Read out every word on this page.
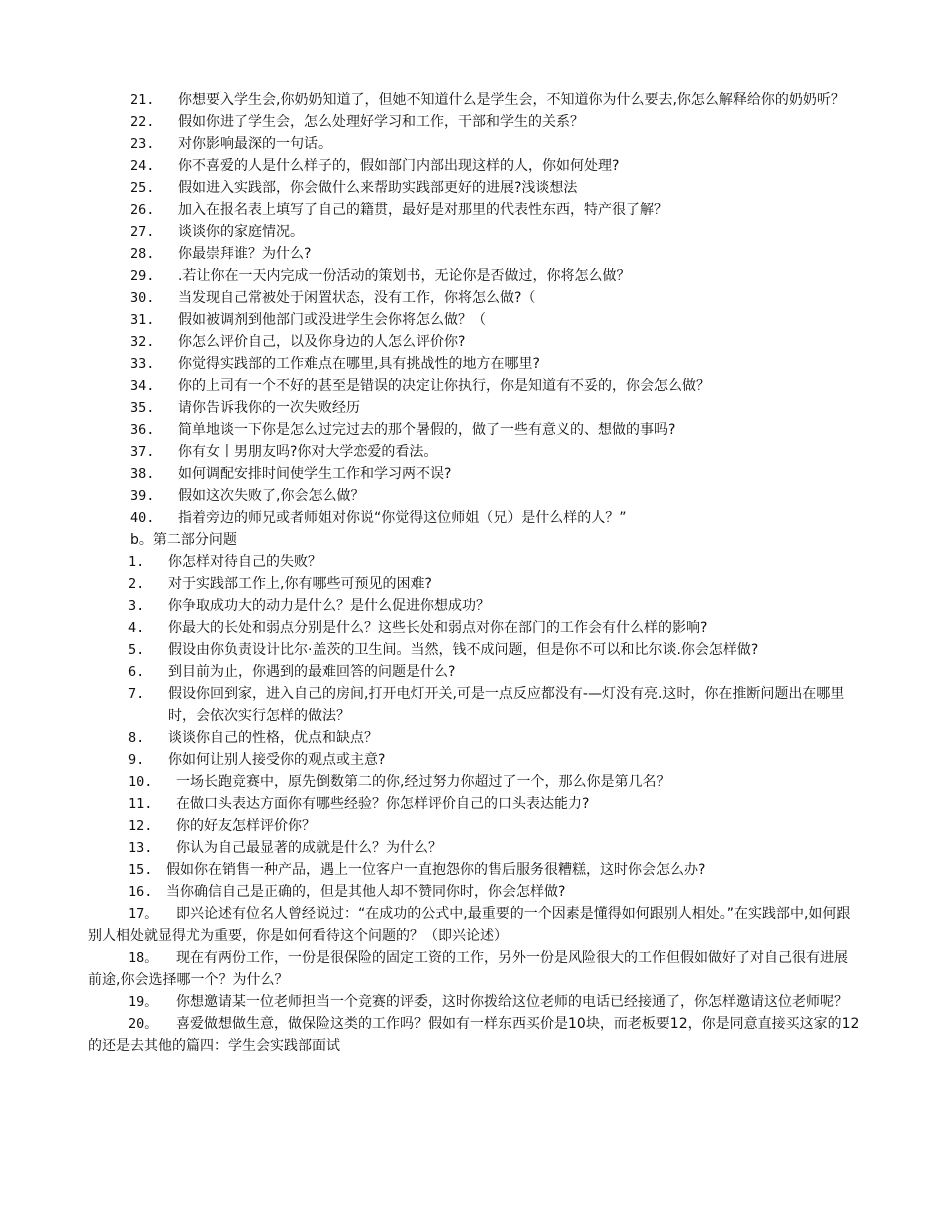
21.	你想要入学生会,你奶奶知道了，但她不知道什么是学生会，不知道你为什么要去,你怎么解释给你的奶奶听？
22.	假如你进了学生会，怎么处理好学习和工作，干部和学生的关系？
23.	对你影响最深的一句话。
24.	你不喜爱的人是什么样子的，假如部门内部出现这样的人，你如何处理?
25.	假如进入实践部，你会做什么来帮助实践部更好的进展?浅谈想法
26.	加入在报名表上填写了自己的籍贯，最好是对那里的代表性东西，特产很了解？
27.	谈谈你的家庭情况。
28.	你最崇拜谁？为什么?
29.	.若让你在一天内完成一份活动的策划书，无论你是否做过，你将怎么做？
30.	当发现自己常被处于闲置状态，没有工作，你将怎么做?（
31.	假如被调剂到他部门或没进学生会你将怎么做？（
32.	你怎么评价自己，以及你身边的人怎么评价你?
33.	你觉得实践部的工作难点在哪里,具有挑战性的地方在哪里?
34.	你的上司有一个不好的甚至是错误的决定让你执行，你是知道有不妥的，你会怎么做？
35.	请你告诉我你的一次失败经历
36.	简单地谈一下你是怎么过完过去的那个暑假的，做了一些有意义的、想做的事吗?
37.	你有女丨男朋友吗?你对大学恋爱的看法。
38.	如何调配安排时间使学生工作和学习两不误?
39.	假如这次失败了,你会怎么做？
40.	指着旁边的师兄或者师姐对你说“你觉得这位师姐（兄）是什么样的人？”
b。第二部分问题
1.	你怎样对待自己的失败？
2.	对于实践部工作上,你有哪些可预见的困难?
3.	你争取成功大的动力是什么？是什么促进你想成功？
4.	你最大的长处和弱点分别是什么？这些长处和弱点对你在部门的工作会有什么样的影响?
5.	假设由你负责设计比尔·盖茨的卫生间。当然，钱不成问题，但是你不可以和比尔谈.你会怎样做?
6.	到目前为止，你遇到的最难回答的问题是什么?
7.	假设你回到家，进入自己的房间,打开电灯开关,可是一点反应都没有-—灯没有亮.这时，你在推断问题出在哪里时，会依次实行怎样的做法？
8.	谈谈你自己的性格，优点和缺点？
9.	你如何让别人接受你的观点或主意?
10.	一场长跑竞赛中，原先倒数第二的你,经过努力你超过了一个，那么你是第几名？
11.	在做口头表达方面你有哪些经验？你怎样评价自己的口头表达能力?
12.	你的好友怎样评价你？
13.	你认为自己最显著的成就是什么？为什么？
15. 假如你在销售一种产品，遇上一位客户一直抱怨你的售后服务很糟糕，这时你会怎么办?
16. 当你确信自己是正确的，但是其他人却不赞同你时，你会怎样做?
17。 即兴论述有位名人曾经说过：“在成功的公式中,最重要的一个因素是懂得如何跟别人相处。”在实践部中,如何跟别人相处就显得尤为重要，你是如何看待这个问题的？（即兴论述）
18。 现在有两份工作，一份是很保险的固定工资的工作，另外一份是风险很大的工作但假如做好了对自己很有进展前途,你会选择哪一个？为什么？
19。 你想邀请某一位老师担当一个竞赛的评委，这时你拨给这位老师的电话已经接通了，你怎样邀请这位老师呢？
20。 喜爱做想做生意，做保险这类的工作吗？假如有一样东西买价是10块，而老板要12，你是同意直接买这家的12的还是去其他的篇四：学生会实践部面试
